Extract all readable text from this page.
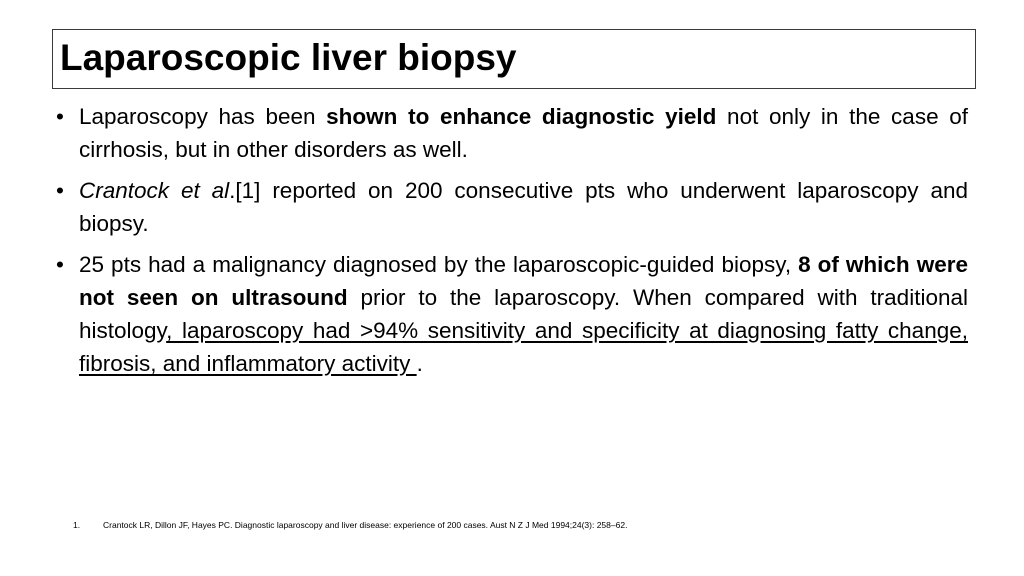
Laparoscopic liver biopsy
• Laparoscopy has been shown to enhance diagnostic yield not only in the case of cirrhosis, but in other disorders as well.
• Crantock et al.[1] reported on 200 consecutive pts who underwent laparoscopy and biopsy.
• 25 pts had a malignancy diagnosed by the laparoscopic-guided biopsy, 8 of which were not seen on ultrasound prior to the laparoscopy. When compared with traditional histology, laparoscopy had >94% sensitivity and specificity at diagnosing fatty change, fibrosis, and inflammatory activity .
1.	Crantock LR, Dillon JF, Hayes PC. Diagnostic laparoscopy and liver disease: experience of 200 cases. Aust N Z J Med 1994;24(3): 258–62.
